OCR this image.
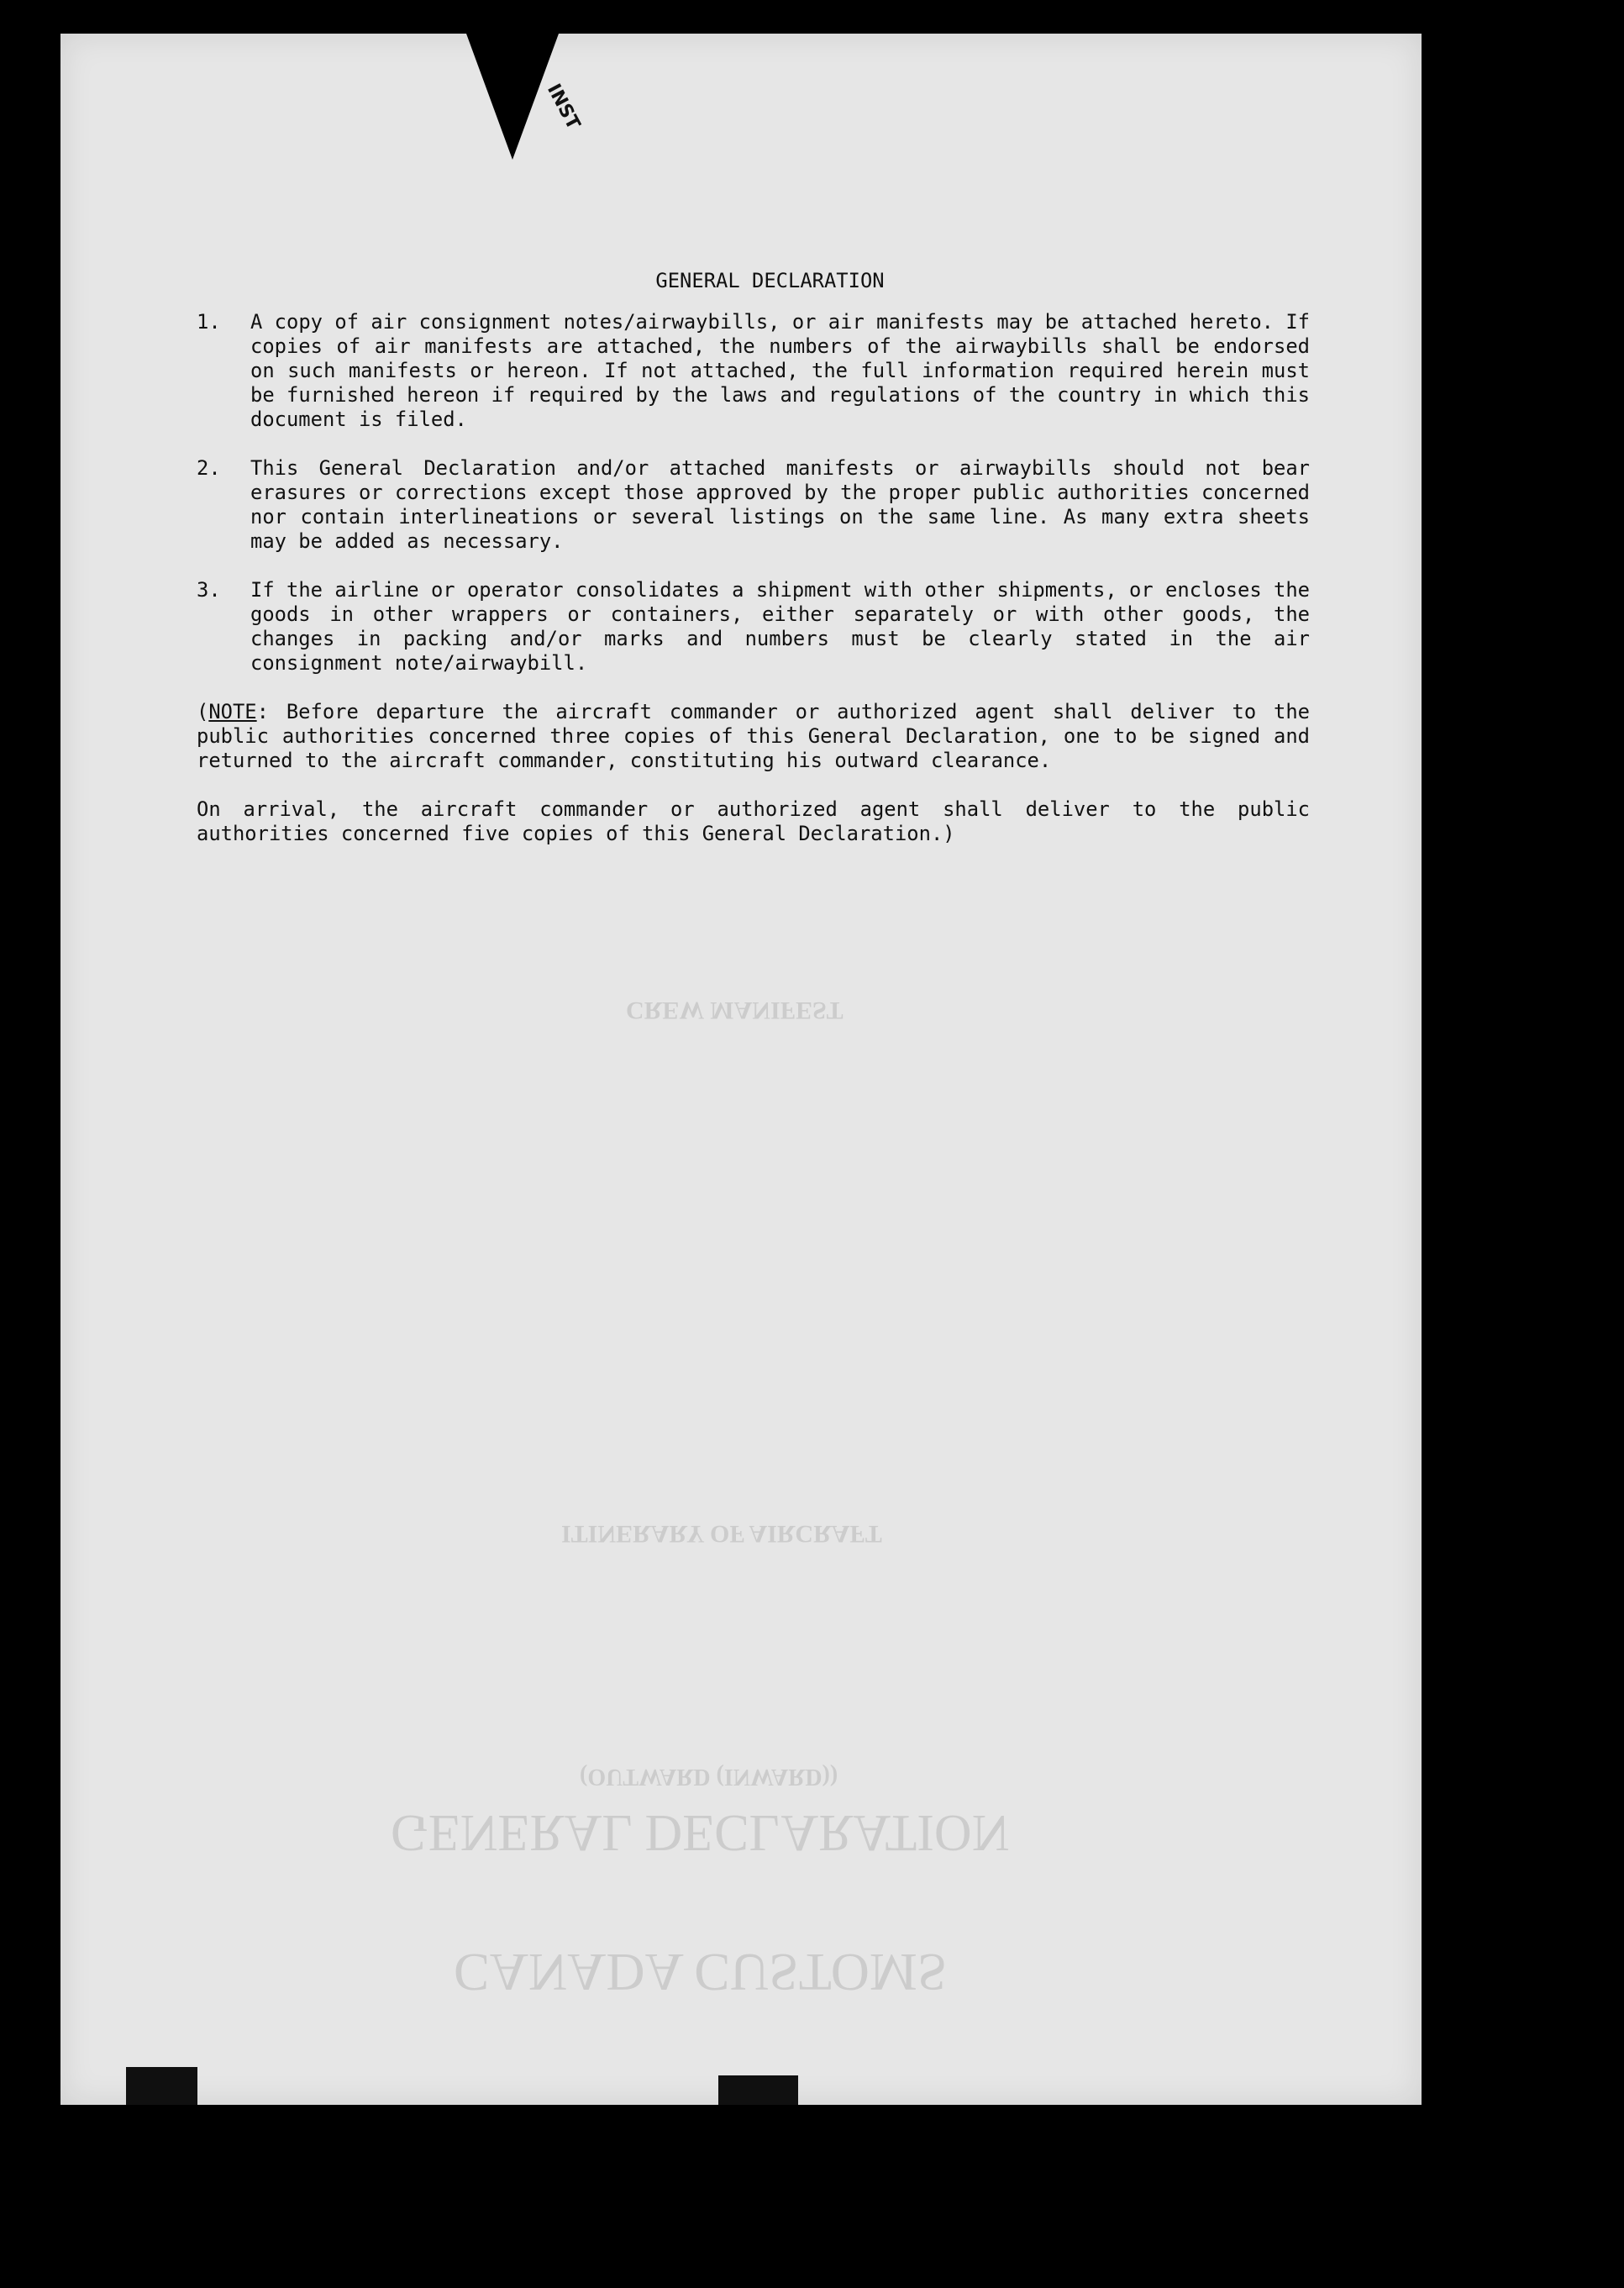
INST
CREW MANIFEST
ITINERARY OF AIRCRAFT
(OUTWARD (INWARD))
GENERAL DECLARATION
CANADA CUSTOMS
GENERAL DECLARATION
1.	A copy of air consignment notes/airwaybills, or air manifests may be attached hereto. If copies of air manifests are attached, the numbers of the airwaybills shall be endorsed on such manifests or hereon. If not attached, the full information required herein must be furnished hereon if required by the laws and regulations of the country in which this document is filed.
2.	This General Declaration and/or attached manifests or airwaybills should not bear erasures or corrections except those approved by the proper public authorities concerned nor contain interlineations or several listings on the same line. As many extra sheets may be added as necessary.
3.	If the airline or operator consolidates a shipment with other shipments, or encloses the goods in other wrappers or containers, either separately or with other goods, the changes in packing and/or marks and numbers must be clearly stated in the air consignment note/airwaybill.
(NOTE: Before departure the aircraft commander or authorized agent shall deliver to the public authorities concerned three copies of this General Declaration, one to be signed and returned to the aircraft commander, constituting his outward clearance.
On arrival, the aircraft commander or authorized agent shall deliver to the public authorities concerned five copies of this General Declaration.)
